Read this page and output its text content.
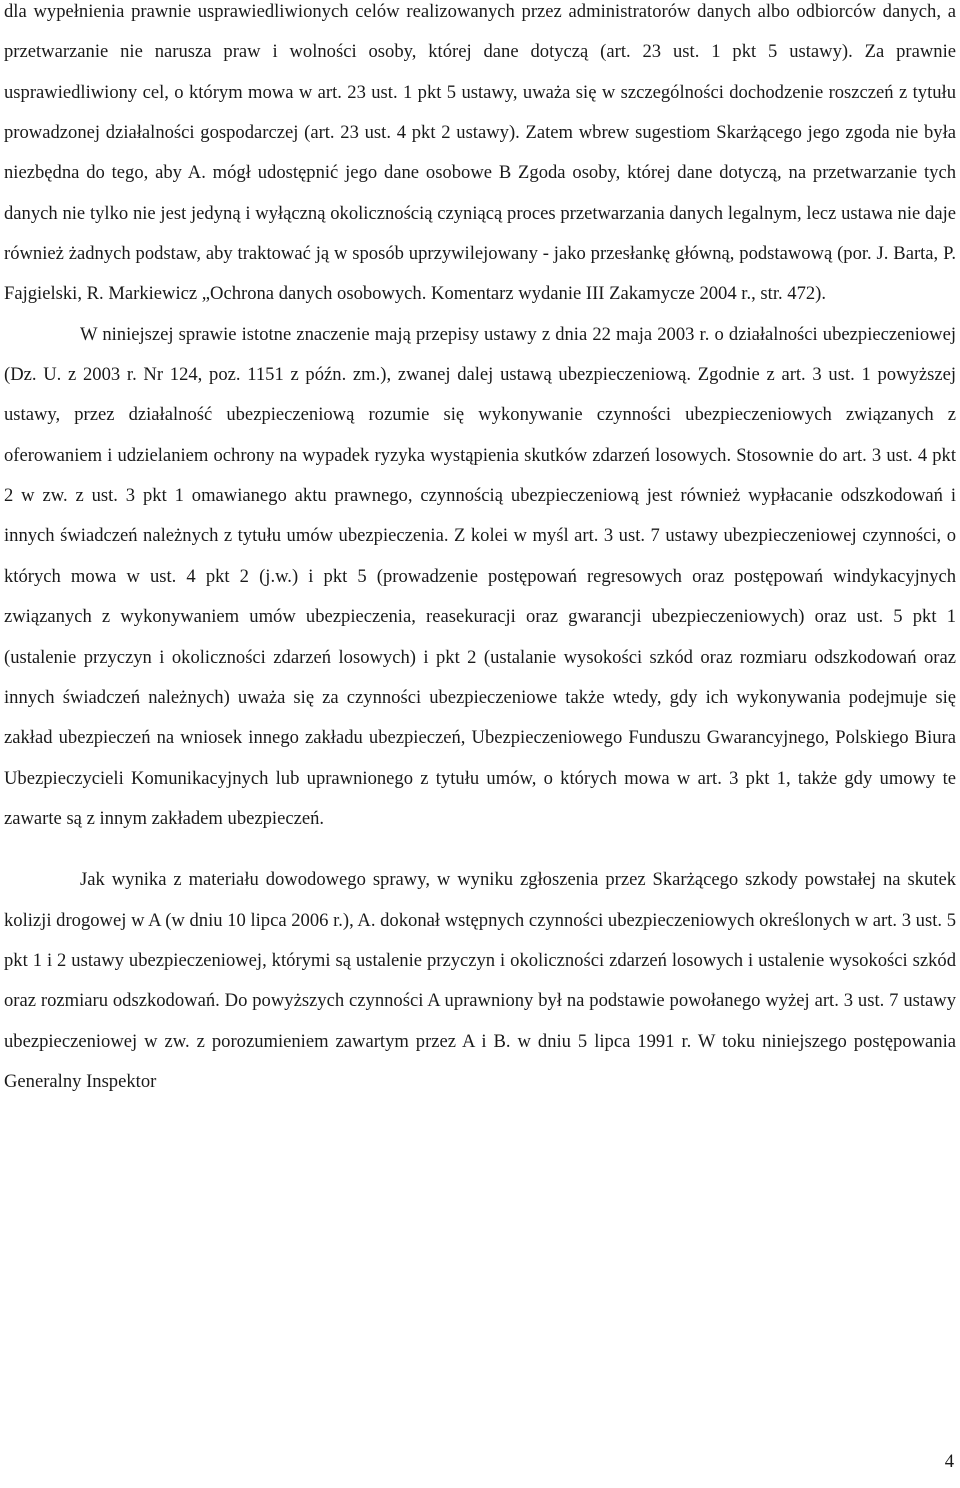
dla wypełnienia prawnie usprawiedliwionych celów realizowanych przez administratorów danych albo odbiorców danych, a przetwarzanie nie narusza praw i wolności osoby, której dane dotyczą (art. 23 ust. 1 pkt 5 ustawy). Za prawnie usprawiedliwiony cel, o którym mowa w art. 23 ust. 1 pkt 5 ustawy, uważa się w szczególności dochodzenie roszczeń z tytułu prowadzonej działalności gospodarczej (art. 23 ust. 4 pkt 2 ustawy). Zatem wbrew sugestiom Skarżącego jego zgoda nie była niezbędna do tego, aby A. mógł udostępnić jego dane osobowe B Zgoda osoby, której dane dotyczą, na przetwarzanie tych danych nie tylko nie jest jedyną i wyłączną okolicznością czyniącą proces przetwarzania danych legalnym, lecz ustawa nie daje również żadnych podstaw, aby traktować ją w sposób uprzywilejowany - jako przesłankę główną, podstawową (por. J. Barta, P. Fajgielski, R. Markiewicz „Ochrona danych osobowych. Komentarz wydanie III Zakamycze 2004 r., str. 472).

W niniejszej sprawie istotne znaczenie mają przepisy ustawy z dnia 22 maja 2003 r. o działalności ubezpieczeniowej (Dz. U. z 2003 r. Nr 124, poz. 1151 z późn. zm.), zwanej dalej ustawą ubezpieczeniową. Zgodnie z art. 3 ust. 1 powyższej ustawy, przez działalność ubezpieczeniową rozumie się wykonywanie czynności ubezpieczeniowych związanych z oferowaniem i udzielaniem ochrony na wypadek ryzyka wystąpienia skutków zdarzeń losowych. Stosownie do art. 3 ust. 4 pkt 2 w zw. z ust. 3 pkt 1 omawianego aktu prawnego, czynnością ubezpieczeniową jest również wypłacanie odszkodowań i innych świadczeń należnych z tytułu umów ubezpieczenia. Z kolei w myśl art. 3 ust. 7 ustawy ubezpieczeniowej czynności, o których mowa w ust. 4 pkt 2 (j.w.) i pkt 5 (prowadzenie postępowań regresowych oraz postępowań windykacyjnych związanych z wykonywaniem umów ubezpieczenia, reasekuracji oraz gwarancji ubezpieczeniowych) oraz ust. 5 pkt 1 (ustalenie przyczyn i okoliczności zdarzeń losowych) i pkt 2 (ustalanie wysokości szkód oraz rozmiaru odszkodowań oraz innych świadczeń należnych) uważa się za czynności ubezpieczeniowe także wtedy, gdy ich wykonywania podejmuje się zakład ubezpieczeń na wniosek innego zakładu ubezpieczeń, Ubezpieczeniowego Funduszu Gwarancyjnego, Polskiego Biura Ubezpieczycieli Komunikacyjnych lub uprawnionego z tytułu umów, o których mowa w art. 3 pkt 1, także gdy umowy te zawarte są z innym zakładem ubezpieczeń.

Jak wynika z materiału dowodowego sprawy, w wyniku zgłoszenia przez Skarżącego szkody powstałej na skutek kolizji drogowej w A (w dniu 10 lipca 2006 r.), A. dokonał wstępnych czynności ubezpieczeniowych określonych w art. 3 ust. 5 pkt 1 i 2 ustawy ubezpieczeniowej, którymi są ustalenie przyczyn i okoliczności zdarzeń losowych i ustalenie wysokości szkód oraz rozmiaru odszkodowań. Do powyższych czynności A uprawniony był na podstawie powołanego wyżej art. 3 ust. 7 ustawy ubezpieczeniowej w zw. z porozumieniem zawartym przez A i B. w dniu 5 lipca 1991 r. W toku niniejszego postępowania Generalny Inspektor

4
